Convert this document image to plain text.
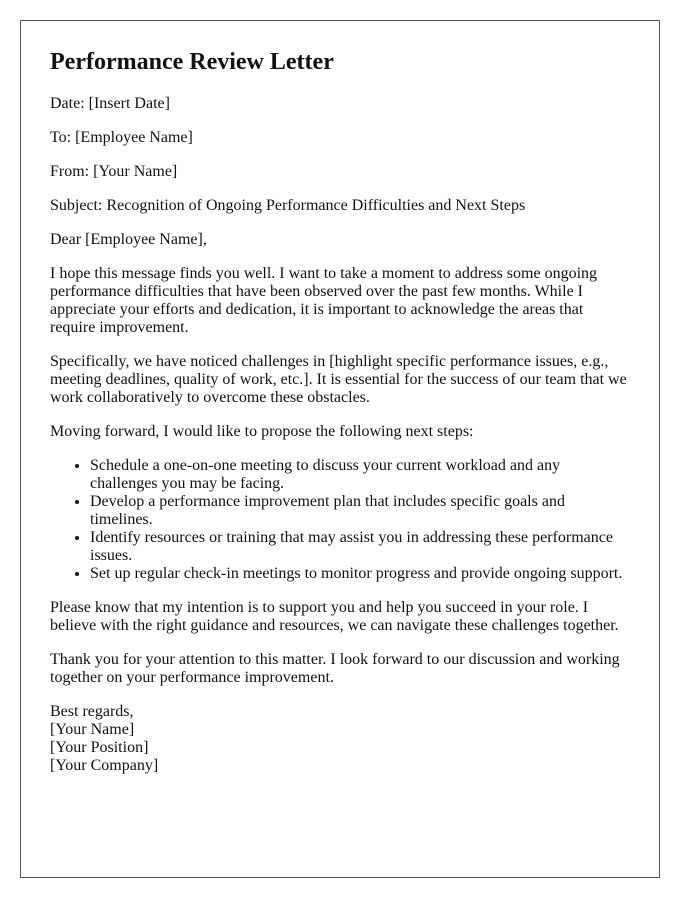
Performance Review Letter

Date: [Insert Date]

To: [Employee Name]

From: [Your Name]

Subject: Recognition of Ongoing Performance Difficulties and Next Steps

Dear [Employee Name],

I hope this message finds you well. I want to take a moment to address some ongoing performance difficulties that have been observed over the past few months. While I appreciate your efforts and dedication, it is important to acknowledge the areas that require improvement.

Specifically, we have noticed challenges in [highlight specific performance issues, e.g., meeting deadlines, quality of work, etc.]. It is essential for the success of our team that we work collaboratively to overcome these obstacles.

Moving forward, I would like to propose the following next steps:

• Schedule a one-on-one meeting to discuss your current workload and any challenges you may be facing.
• Develop a performance improvement plan that includes specific goals and timelines.
• Identify resources or training that may assist you in addressing these performance issues.
• Set up regular check-in meetings to monitor progress and provide ongoing support.

Please know that my intention is to support you and help you succeed in your role. I believe with the right guidance and resources, we can navigate these challenges together.

Thank you for your attention to this matter. I look forward to our discussion and working together on your performance improvement.

Best regards,
[Your Name]
[Your Position]
[Your Company]
